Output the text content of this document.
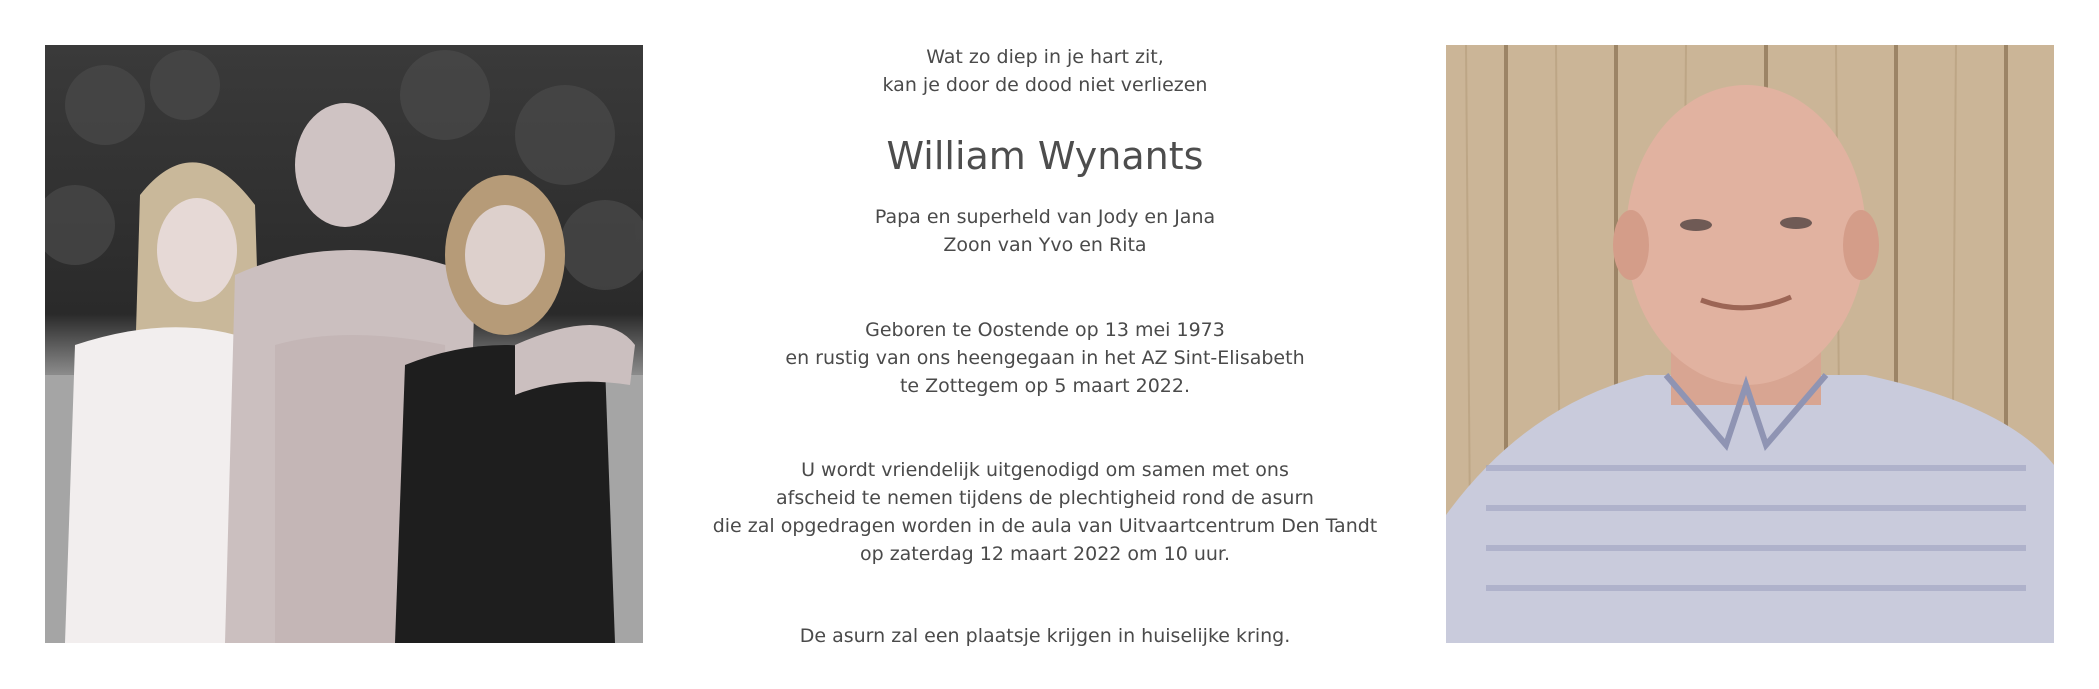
Wat zo diep in je hart zit,
kan je door de dood niet verliezen
William Wynants
Papa en superheld van Jody en Jana
Zoon van Yvo en Rita
Geboren te Oostende op 13 mei 1973
en rustig van ons heengegaan in het AZ Sint-Elisabeth
te Zottegem op 5 maart 2022.
U wordt vriendelijk uitgenodigd om samen met ons
afscheid te nemen tijdens de plechtigheid rond de asurn
die zal opgedragen worden in de aula van Uitvaartcentrum Den Tandt
op zaterdag 12 maart 2022 om 10 uur.
De asurn zal een plaatsje krijgen in huiselijke kring.
